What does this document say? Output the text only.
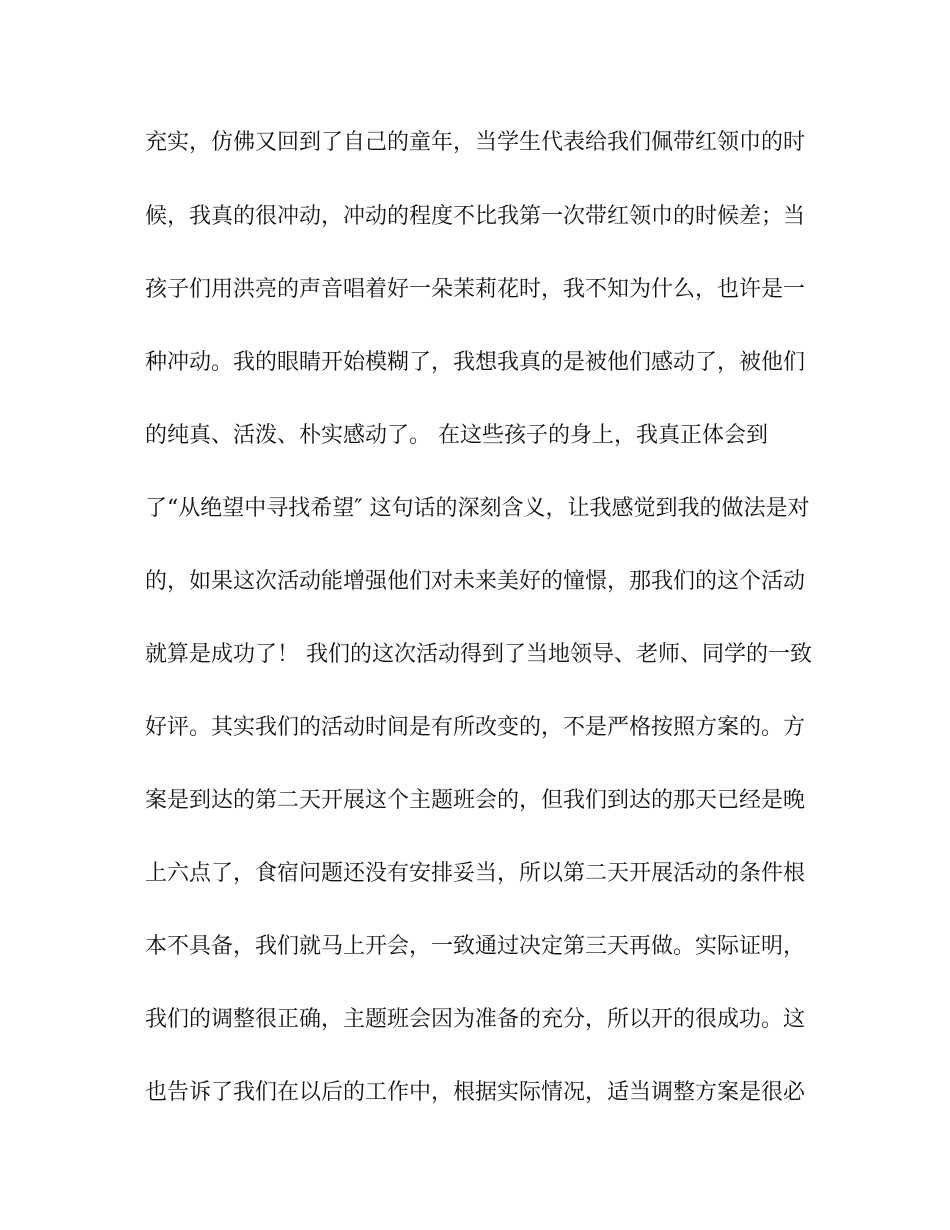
充实，仿佛又回到了自己的童年，当学生代表给我们佩带红领巾的时
候，我真的很冲动，冲动的程度不比我第一次带红领巾的时候差；当
孩子们用洪亮的声音唱着好一朵茉莉花时，我不知为什么，也许是一
种冲动。我的眼睛开始模糊了，我想我真的是被他们感动了，被他们
的纯真、活泼、朴实感动了。 在这些孩子的身上，我真正体会到
了“从绝望中寻找希望″ 这句话的深刻含义，让我感觉到我的做法是对
的，如果这次活动能增强他们对未来美好的憧憬，那我们的这个活动
就算是成功了！ 我们的这次活动得到了当地领导、老师、同学的一致
好评。其实我们的活动时间是有所改变的，不是严格按照方案的。方
案是到达的第二天开展这个主题班会的，但我们到达的那天已经是晚
上六点了，食宿问题还没有安排妥当，所以第二天开展活动的条件根
本不具备，我们就马上开会，一致通过决定第三天再做。实际证明，
我们的调整很正确，主题班会因为准备的充分，所以开的很成功。这
也告诉了我们在以后的工作中，根据实际情况，适当调整方案是很必
